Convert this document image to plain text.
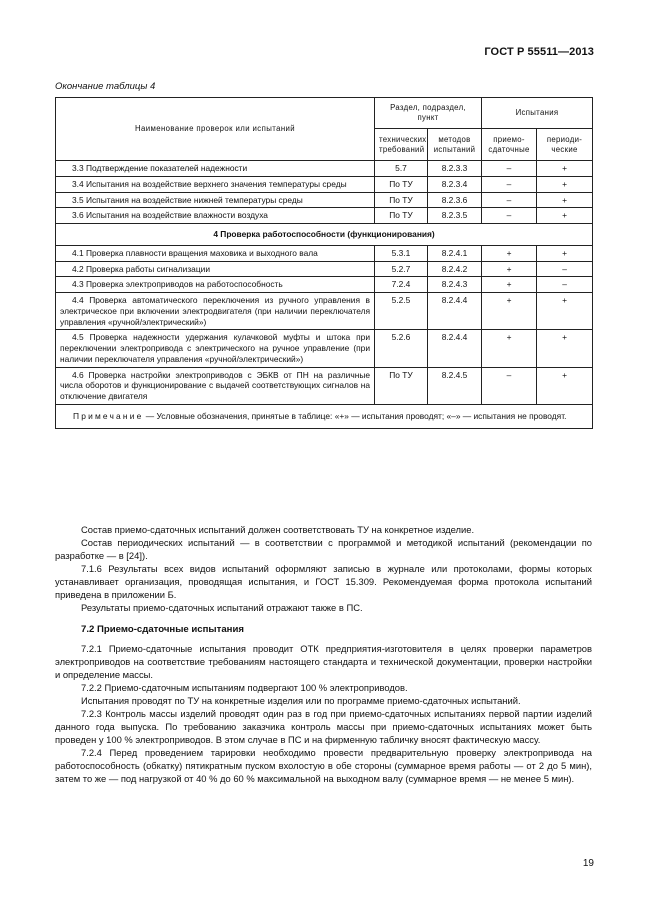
ГОСТ Р 55511—2013
Окончание таблицы 4
Наименование проверок или испытаний	Раздел, подраздел, пункт		Испытания	
	технических требований	методов испытаний	приемо-сдаточные	периоди-ческие
3.3 Подтверждение показателей надежности	5.7	8.2.3.3	–	+
3.4 Испытания на воздействие верхнего значения температуры среды	По ТУ	8.2.3.4	–	+
3.5 Испытания на воздействие нижней температуры среды	По ТУ	8.2.3.6	–	+
3.6 Испытания на воздействие влажности воздуха	По ТУ	8.2.3.5	–	+
4 Проверка работоспособности (функционирования)				
4.1 Проверка плавности вращения маховика и выходного вала	5.3.1	8.2.4.1	+	+
4.2 Проверка работы сигнализации	5.2.7	8.2.4.2	+	–
4.3 Проверка электроприводов на работоспособность	7.2.4	8.2.4.3	+	–
4.4 Проверка автоматического переключения из ручного управления в электрическое при включении электродвигателя (при наличии переключателя управления «ручной/электрический»)	5.2.5	8.2.4.4	+	+
4.5 Проверка надежности удержания кулачковой муфты и штока при переключении электропривода с электрического на ручное управление (при наличии переключателя управления «ручной/электрический»)	5.2.6	8.2.4.4	+	+
4.6 Проверка настройки электроприводов с ЭБКВ от ПН на различные числа оборотов и функционирование с выдачей соответствующих сигналов на отключение двигателя	По ТУ	8.2.4.5	–	+
Примечание — Условные обозначения, принятые в таблице: «+» — испытания проводят; «–» — испытания не проводят.				

Состав приемо-сдаточных испытаний должен соответствовать ТУ на конкретное изделие.

Состав периодических испытаний — в соответствии с программой и методикой испытаний (рекомендации по разработке — в [24]).

7.1.6 Результаты всех видов испытаний оформляют записью в журнале или протоколами, формы которых устанавливает организация, проводящая испытания, и ГОСТ 15.309. Рекомендуемая форма протокола испытаний приведена в приложении Б.

Результаты приемо-сдаточных испытаний отражают также в ПС.

7.2 Приемо-сдаточные испытания

7.2.1 Приемо-сдаточные испытания проводит ОТК предприятия-изготовителя в целях проверки параметров электроприводов на соответствие требованиям настоящего стандарта и технической документации, проверки настройки и определение массы.

7.2.2 Приемо-сдаточным испытаниям подвергают 100 % электроприводов.

Испытания проводят по ТУ на конкретные изделия или по программе приемо-сдаточных испытаний.

7.2.3 Контроль массы изделий проводят один раз в год при приемо-сдаточных испытаниях первой партии изделий данного года выпуска. По требованию заказчика контроль массы при приемо-сдаточных испытаниях может быть проведен у 100 % электроприводов. В этом случае в ПС и на фирменную табличку вносят фактическую массу.

7.2.4 Перед проведением тарировки необходимо провести предварительную проверку электропривода на работоспособность (обкатку) пятикратным пуском вхолостую в обе стороны (суммарное время работы — от 2 до 5 мин), затем то же — под нагрузкой от 40 % до 60 % максимальной на выходном валу (суммарное время — не менее 5 мин).

19
